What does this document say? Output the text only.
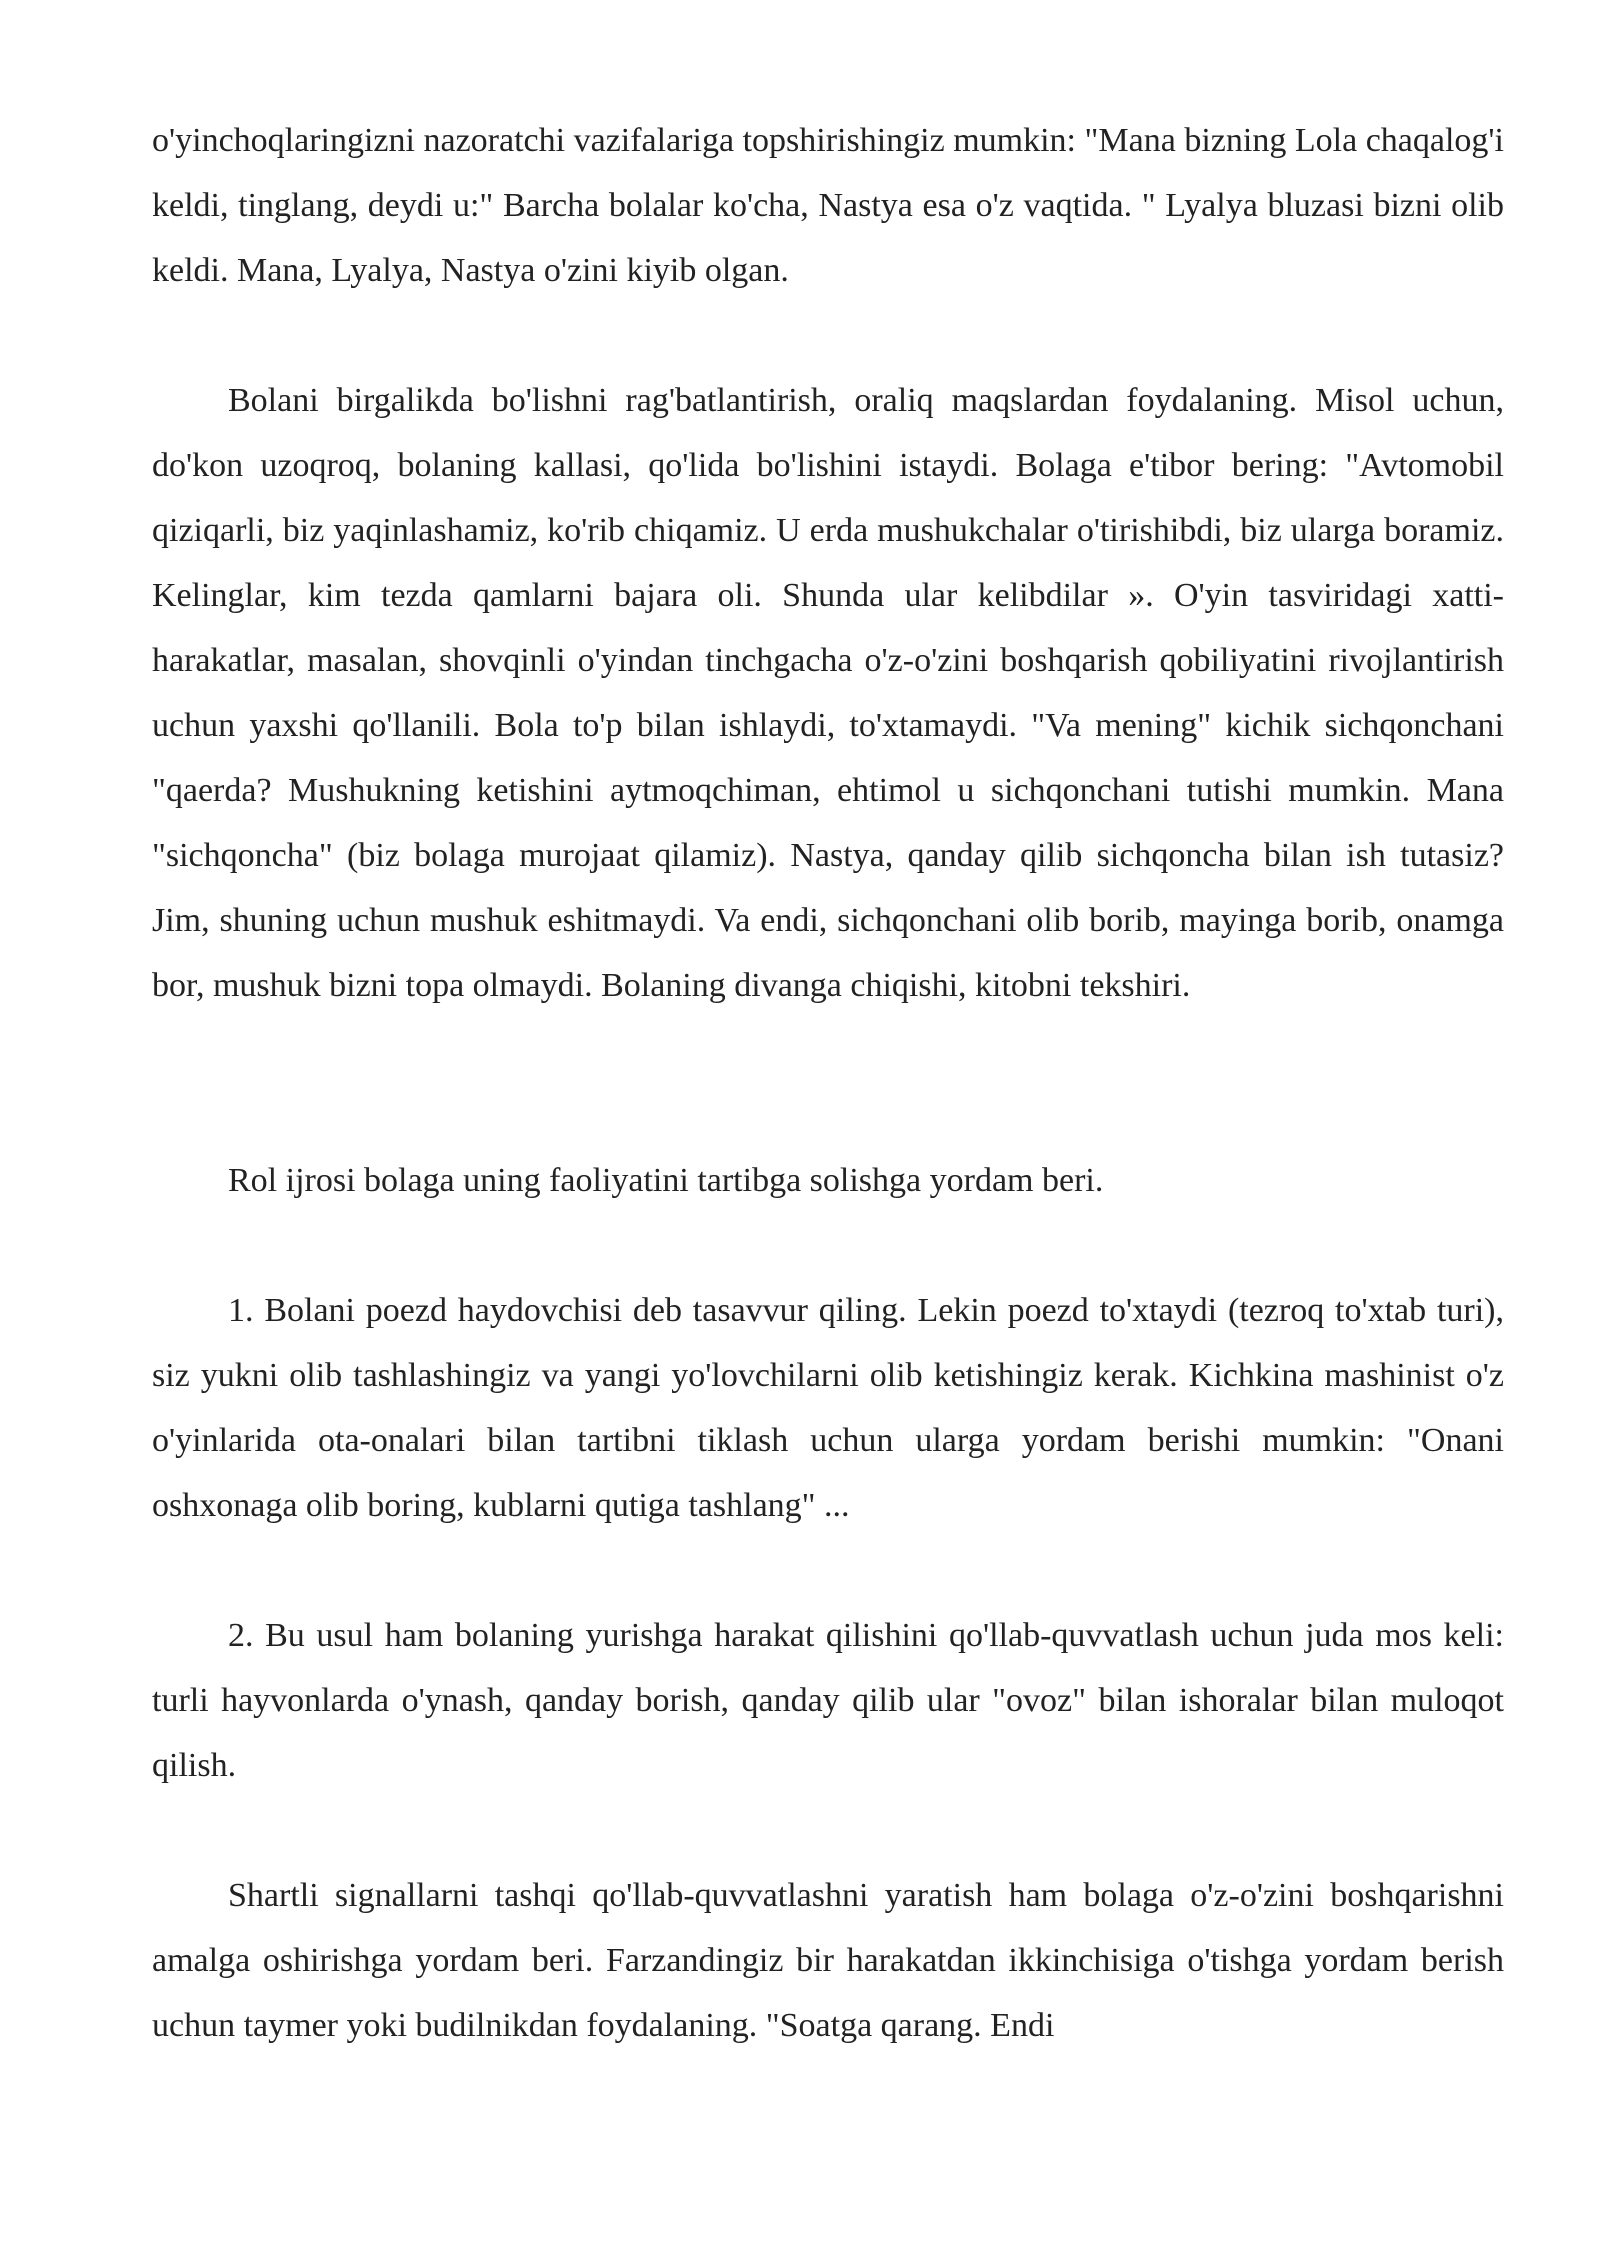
o'yinchoqlaringizni nazoratchi vazifalariga topshirishingiz mumkin: "Mana bizning Lola chaqalog'i keldi, tinglang, deydi u:" Barcha bolalar ko'cha, Nastya esa o'z vaqtida. " Lyalya bluzasi bizni olib keldi. Mana, Lyalya, Nastya o'zini kiyib olgan.

Bolani birgalikda bo'lishni rag'batlantirish, oraliq maqslardan foydalaning. Misol uchun, do'kon uzoqroq, bolaning kallasi, qo'lida bo'lishini istaydi. Bolaga e'tibor bering: "Avtomobil qiziqarli, biz yaqinlashamiz, ko'rib chiqamiz. U erda mushukchalar o'tirishibdi, biz ularga boramiz. Kelinglar, kim tezda qamlarni bajara oli. Shunda ular kelibdilar ». O'yin tasviridagi xatti-harakatlar, masalan, shovqinli o'yindan tinchgacha o'z-o'zini boshqarish qobiliyatini rivojlantirish uchun yaxshi qo'llanili. Bola to'p bilan ishlaydi, to'xtamaydi. "Va mening" kichik sichqonchani "qaerda? Mushukning ketishini aytmoqchiman, ehtimol u sichqonchani tutishi mumkin. Mana "sichqoncha" (biz bolaga murojaat qilamiz). Nastya, qanday qilib sichqoncha bilan ish tutasiz? Jim, shuning uchun mushuk eshitmaydi. Va endi, sichqonchani olib borib, mayinga borib, onamga bor, mushuk bizni topa olmaydi. Bolaning divanga chiqishi, kitobni tekshiri.

Rol ijrosi bolaga uning faoliyatini tartibga solishga yordam beri.

1. Bolani poezd haydovchisi deb tasavvur qiling. Lekin poezd to'xtaydi (tezroq to'xtab turi), siz yukni olib tashlashingiz va yangi yo'lovchilarni olib ketishingiz kerak. Kichkina mashinist o'z o'yinlarida ota-onalari bilan tartibni tiklash uchun ularga yordam berishi mumkin: "Onani oshxonaga olib boring, kublarni qutiga tashlang" ...

2. Bu usul ham bolaning yurishga harakat qilishini qo'llab-quvvatlash uchun juda mos keli: turli hayvonlarda o'ynash, qanday borish, qanday qilib ular "ovoz" bilan ishoralar bilan muloqot qilish.

Shartli signallarni tashqi qo'llab-quvvatlashni yaratish ham bolaga o'z-o'zini boshqarishni amalga oshirishga yordam beri. Farzandingiz bir harakatdan ikkinchisiga o'tishga yordam berish uchun taymer yoki budilnikdan foydalaning. "Soatga qarang. Endi
